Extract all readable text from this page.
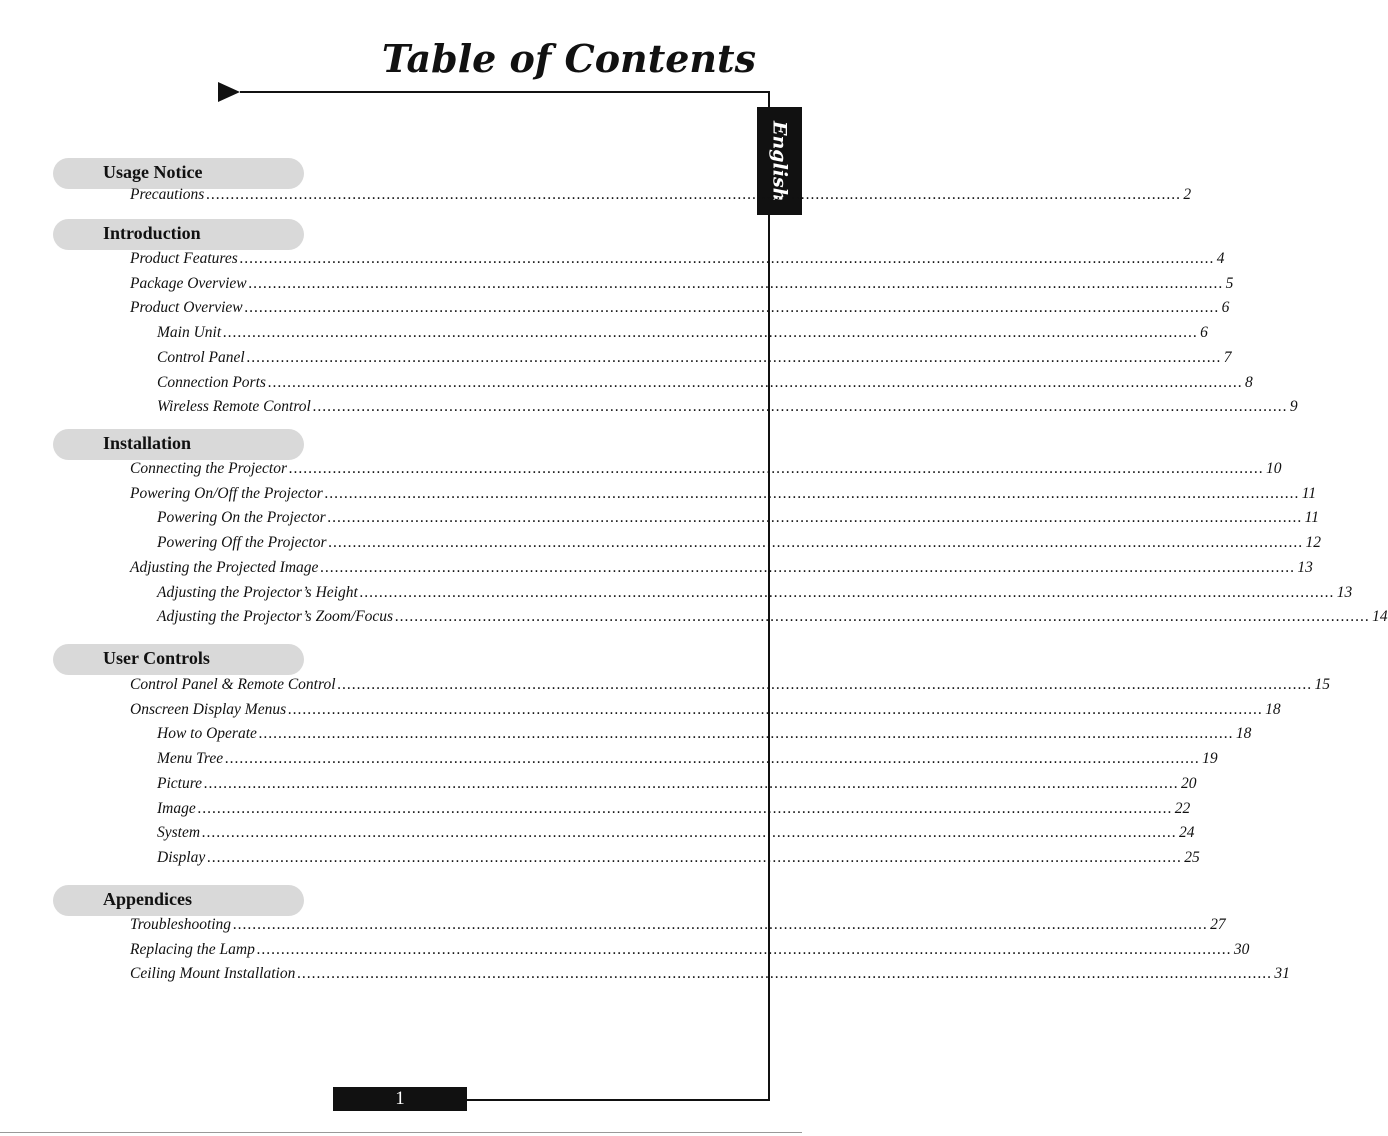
Table of Contents
English
Usage Notice
Precautions ........................................................................................................................................................................................................ 2
Introduction
Product Features ........................................................................................................................................................................................................ 4
Package Overview ........................................................................................................................................................................................................ 5
Product Overview ........................................................................................................................................................................................................ 6
Main Unit ........................................................................................................................................................................................................ 6
Control Panel ........................................................................................................................................................................................................ 7
Connection Ports ........................................................................................................................................................................................................ 8
Wireless Remote Control ........................................................................................................................................................................................................ 9
Installation
Connecting the Projector ........................................................................................................................................................................................................ 10
Powering On/Off the Projector ........................................................................................................................................................................................................ 11
Powering On the Projector ........................................................................................................................................................................................................ 11
Powering Off the Projector ........................................................................................................................................................................................................ 12
Adjusting the Projected Image ........................................................................................................................................................................................................ 13
Adjusting the Projector’s Height ........................................................................................................................................................................................................ 13
Adjusting the Projector’s Zoom/Focus ........................................................................................................................................................................................................ 14
User Controls
Control Panel & Remote Control ........................................................................................................................................................................................................ 15
Onscreen Display Menus ........................................................................................................................................................................................................ 18
How to Operate ........................................................................................................................................................................................................ 18
Menu Tree ........................................................................................................................................................................................................ 19
Picture ........................................................................................................................................................................................................ 20
Image ........................................................................................................................................................................................................ 22
System ........................................................................................................................................................................................................ 24
Display ........................................................................................................................................................................................................ 25
Appendices
Troubleshooting ........................................................................................................................................................................................................ 27
Replacing the Lamp ........................................................................................................................................................................................................ 30
Ceiling Mount Installation ........................................................................................................................................................................................................ 31
1
